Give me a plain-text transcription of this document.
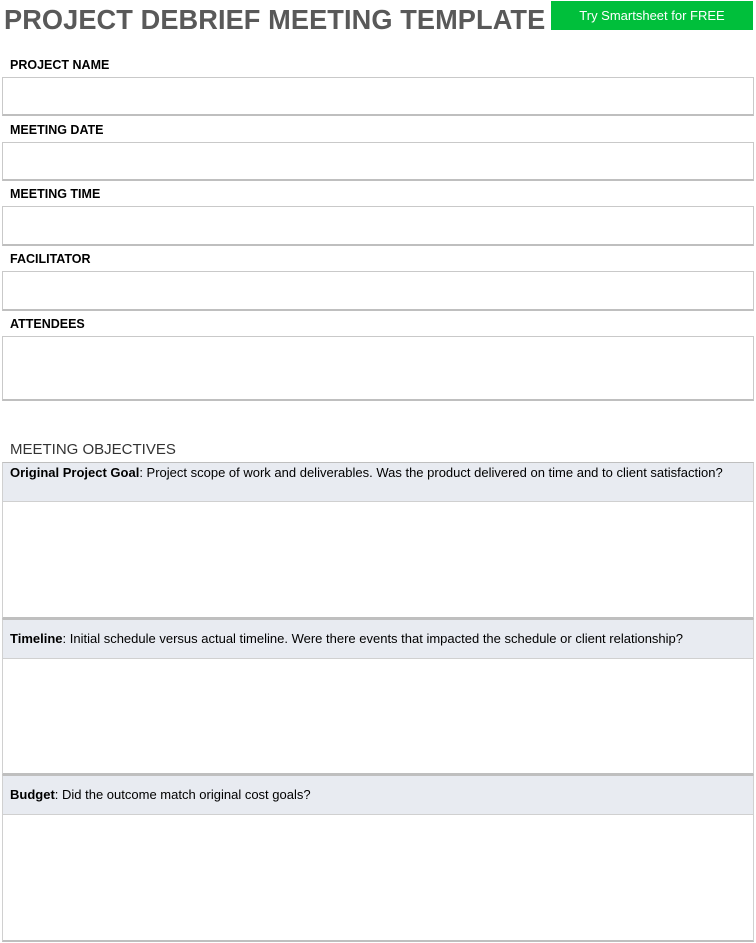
PROJECT DEBRIEF MEETING TEMPLATE	Try Smartsheet for FREE
PROJECT NAME
MEETING DATE
MEETING TIME
FACILITATOR
ATTENDEES
MEETING OBJECTIVES
Original Project Goal: Project scope of work and deliverables. Was the product delivered on time and to client satisfaction?
Timeline: Initial schedule versus actual timeline. Were there events that impacted the schedule or client relationship?
Budget: Did the outcome match original cost goals?
